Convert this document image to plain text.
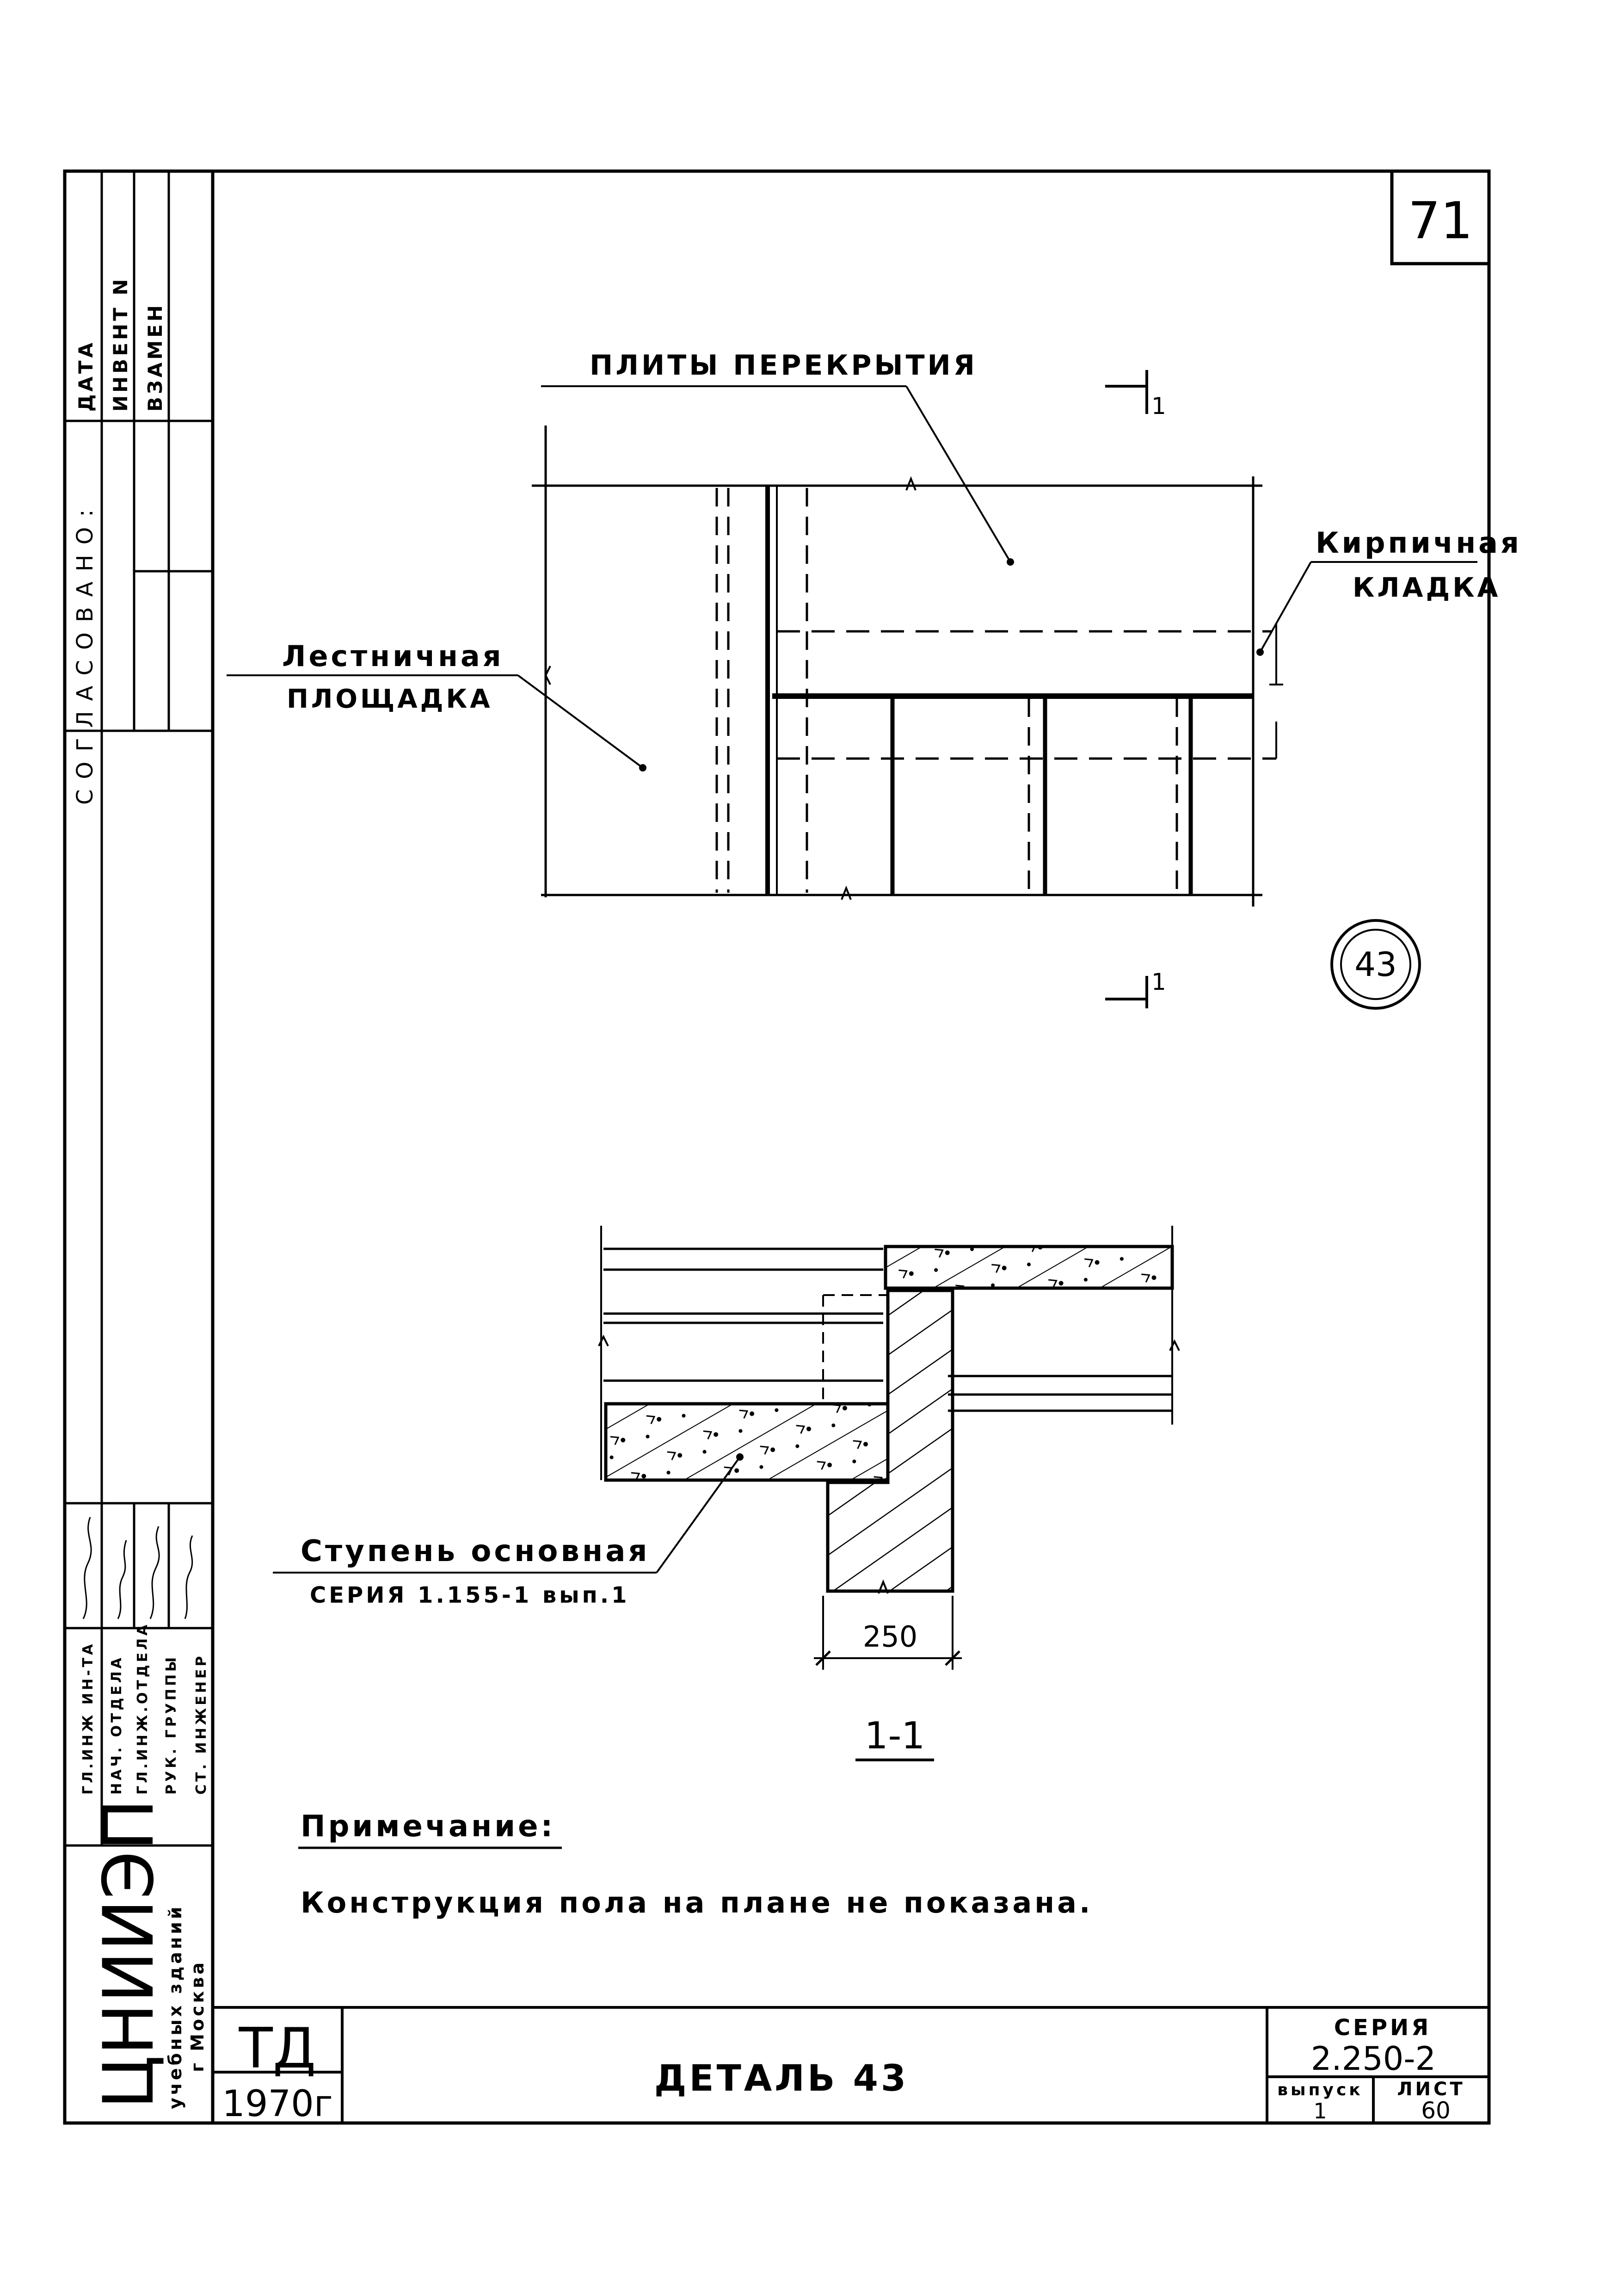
71
ДАТА ИНВЕНТ N ВЗАМЕН
СОГЛАСОВАНО:
ГЛ.ИНЖ ИН-ТА НАЧ. ОТДЕЛА ГЛ.ИНЖ.ОТДЕЛА РУК. ГРУППЫ СТ. ИНЖЕНЕР
ЦНИИЭП
учебных зданий г Москва
1
1
ПЛИТЫ ПЕРЕКРЫТИЯ
Кирпичная
КЛАДКА
Лестничная
ПЛОЩАДКА
43
250
Ступень основная
СЕРИЯ 1.155-1 вып.1
1-1
Примечание:
Конструкция пола на плане не показана.
ТД
1970г
ДЕТАЛЬ 43
СЕРИЯ
2.250-2
выпуск
1
ЛИСТ
60
